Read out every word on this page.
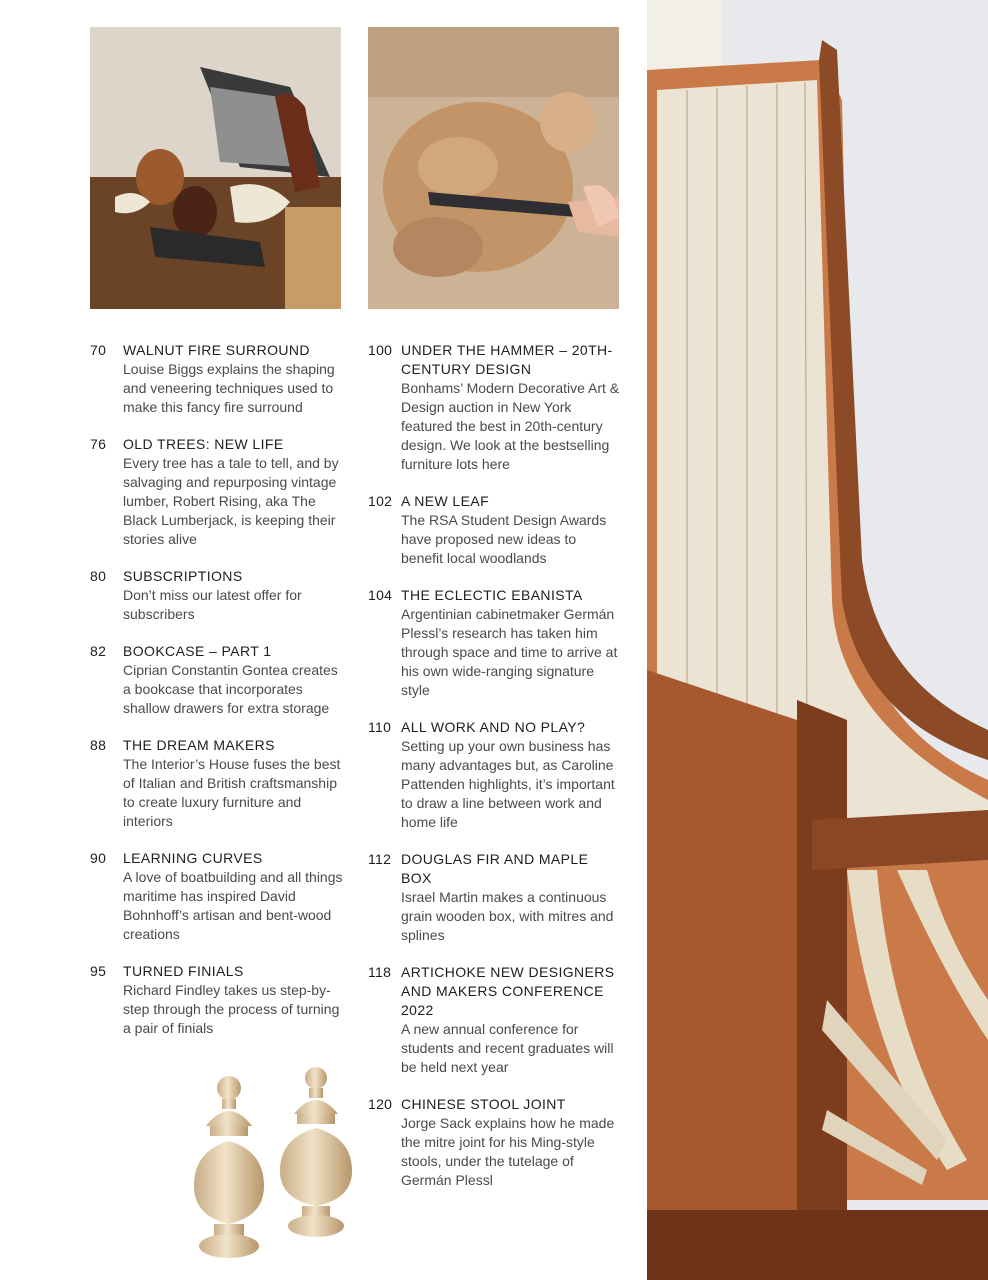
70	WALNUT FIRE SURROUND
Louise Biggs explains the shaping and veneering techniques used to make this fancy fire surround
76	OLD TREES: NEW LIFE
Every tree has a tale to tell, and by salvaging and repurposing vintage lumber, Robert Rising, aka The Black Lumberjack, is keeping their stories alive
80	SUBSCRIPTIONS
Don’t miss our latest offer for subscribers
82	BOOKCASE – PART 1
Ciprian Constantin Gontea creates a bookcase that incorporates shallow drawers for extra storage
88	THE DREAM MAKERS
The Interior’s House fuses the best of Italian and British craftsmanship to create luxury furniture and interiors
90	LEARNING CURVES
A love of boatbuilding and all things maritime has inspired David Bohnhoff’s artisan and bent-wood creations
95	TURNED FINIALS
Richard Findley takes us step-by-step through the process of turning a pair of finials
100 UNDER THE HAMMER – 20TH-CENTURY DESIGN
Bonhams’ Modern Decorative Art & Design auction in New York featured the best in 20th-century design. We look at the bestselling furniture lots here
102 A NEW LEAF
The RSA Student Design Awards have proposed new ideas to benefit local woodlands
104 THE ECLECTIC EBANISTA
Argentinian cabinetmaker Germán Plessl’s research has taken him through space and time to arrive at his own wide-ranging signature style
110 ALL WORK AND NO PLAY?
Setting up your own business has many advantages but, as Caroline Pattenden highlights, it’s important to draw a line between work and home life
112 DOUGLAS FIR AND MAPLE BOX
Israel Martin makes a continuous grain wooden box, with mitres and splines
118 ARTICHOKE NEW DESIGNERS AND MAKERS CONFERENCE 2022
A new annual conference for students and recent graduates will be held next year
120 CHINESE STOOL JOINT
Jorge Sack explains how he made the mitre joint for his Ming-style stools, under the tutelage of Germán Plessl
